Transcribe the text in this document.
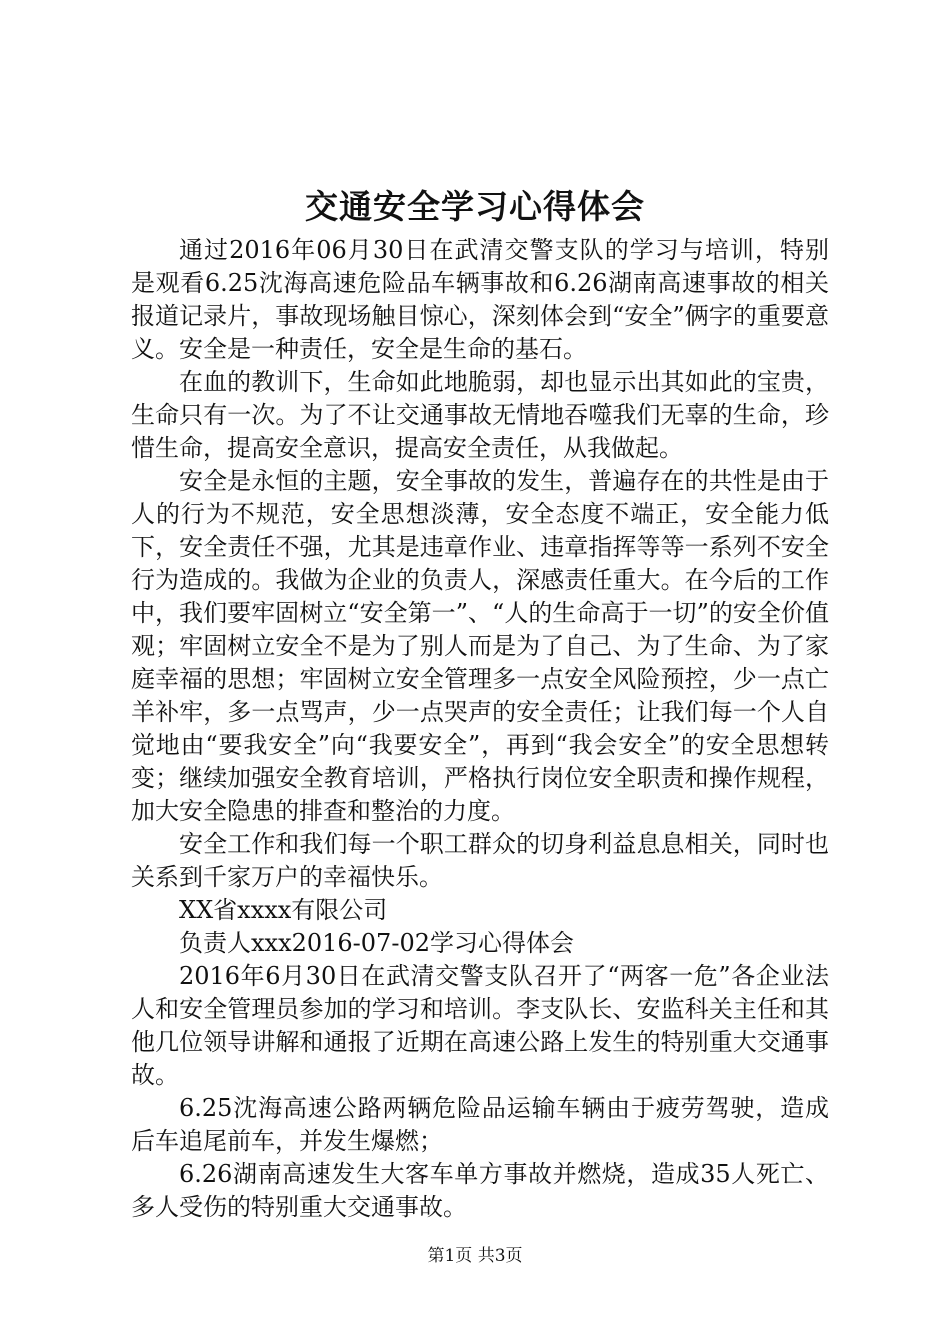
交通安全学习心得体会

通过2016年06月30日在武清交警支队的学习与培训，特别是观看6.25沈海高速危险品车辆事故和6.26湖南高速事故的相关报道记录片，事故现场触目惊心，深刻体会到“安全”俩字的重要意义。安全是一种责任，安全是生命的基石。

在血的教训下，生命如此地脆弱，却也显示出其如此的宝贵，生命只有一次。为了不让交通事故无情地吞噬我们无辜的生命，珍惜生命，提高安全意识，提高安全责任，从我做起。

安全是永恒的主题，安全事故的发生，普遍存在的共性是由于人的行为不规范，安全思想淡薄，安全态度不端正，安全能力低下，安全责任不强，尤其是违章作业、违章指挥等等一系列不安全行为造成的。我做为企业的负责人，深感责任重大。在今后的工作中，我们要牢固树立“安全第一”、“人的生命高于一切”的安全价值观；牢固树立安全不是为了别人而是为了自己、为了生命、为了家庭幸福的思想；牢固树立安全管理多一点安全风险预控，少一点亡羊补牢，多一点骂声，少一点哭声的安全责任；让我们每一个人自觉地由“要我安全”向“我要安全”，再到“我会安全”的安全思想转变；继续加强安全教育培训，严格执行岗位安全职责和操作规程，加大安全隐患的排查和整治的力度。

安全工作和我们每一个职工群众的切身利益息息相关，同时也关系到千家万户的幸福快乐。

XX省xxxx有限公司

负责人xxx2016-07-02学习心得体会

2016年6月30日在武清交警支队召开了“两客一危”各企业法人和安全管理员参加的学习和培训。李支队长、安监科关主任和其他几位领导讲解和通报了近期在高速公路上发生的特别重大交通事故。

6.25沈海高速公路两辆危险品运输车辆由于疲劳驾驶，造成后车追尾前车，并发生爆燃；

6.26湖南高速发生大客车单方事故并燃烧，造成35人死亡、多人受伤的特别重大交通事故。

第1页 共3页
